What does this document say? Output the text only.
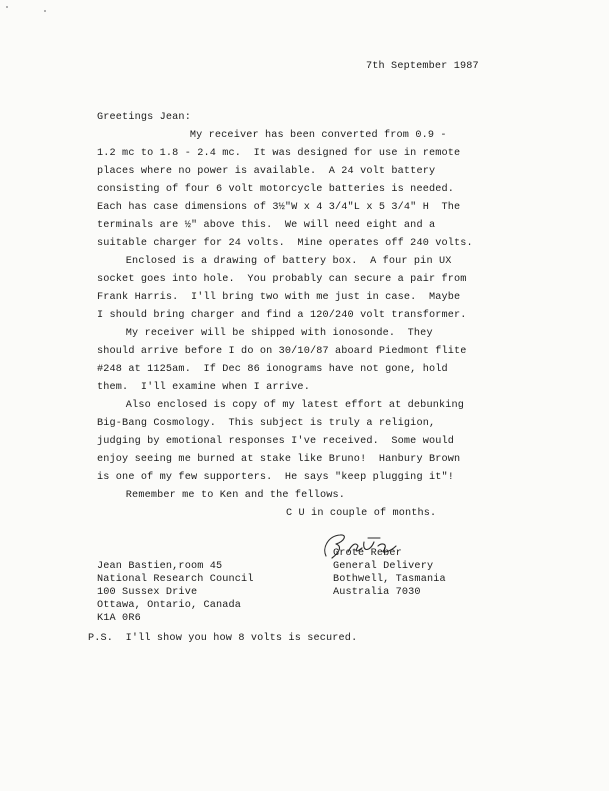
7th September 1987
Greetings Jean:
My receiver has been converted from 0.9 -
1.2 mc to 1.8 - 2.4 mc.  It was designed for use in remote
places where no power is available.  A 24 volt battery
consisting of four 6 volt motorcycle batteries is needed.
Each has case dimensions of 3½"W x 4 3/4"L x 5 3/4" H  The
terminals are ½" above this.  We will need eight and a
suitable charger for 24 volts.  Mine operates off 240 volts.
Enclosed is a drawing of battery box.  A four pin UX
socket goes into hole.  You probably can secure a pair from
Frank Harris.  I'll bring two with me just in case.  Maybe
I should bring charger and find a 120/240 volt transformer.
My receiver will be shipped with ionosonde.  They
should arrive before I do on 30/10/87 aboard Piedmont flite
#248 at 1125am.  If Dec 86 ionograms have not gone, hold
them.  I'll examine when I arrive.
Also enclosed is copy of my latest effort at debunking
Big-Bang Cosmology.  This subject is truly a religion,
judging by emotional responses I've received.  Some would
enjoy seeing me burned at stake like Bruno!  Hanbury Brown
is one of my few supporters.  He says "keep plugging it"!
Remember me to Ken and the fellows.
C U in couple of months.
Jean Bastien,room 45
National Research Council
100 Sussex Drive
Ottawa, Ontario, Canada
K1A 0R6
Grote Reber
General Delivery
Bothwell, Tasmania
Australia 7030
P.S.  I'll show you how 8 volts is secured.
